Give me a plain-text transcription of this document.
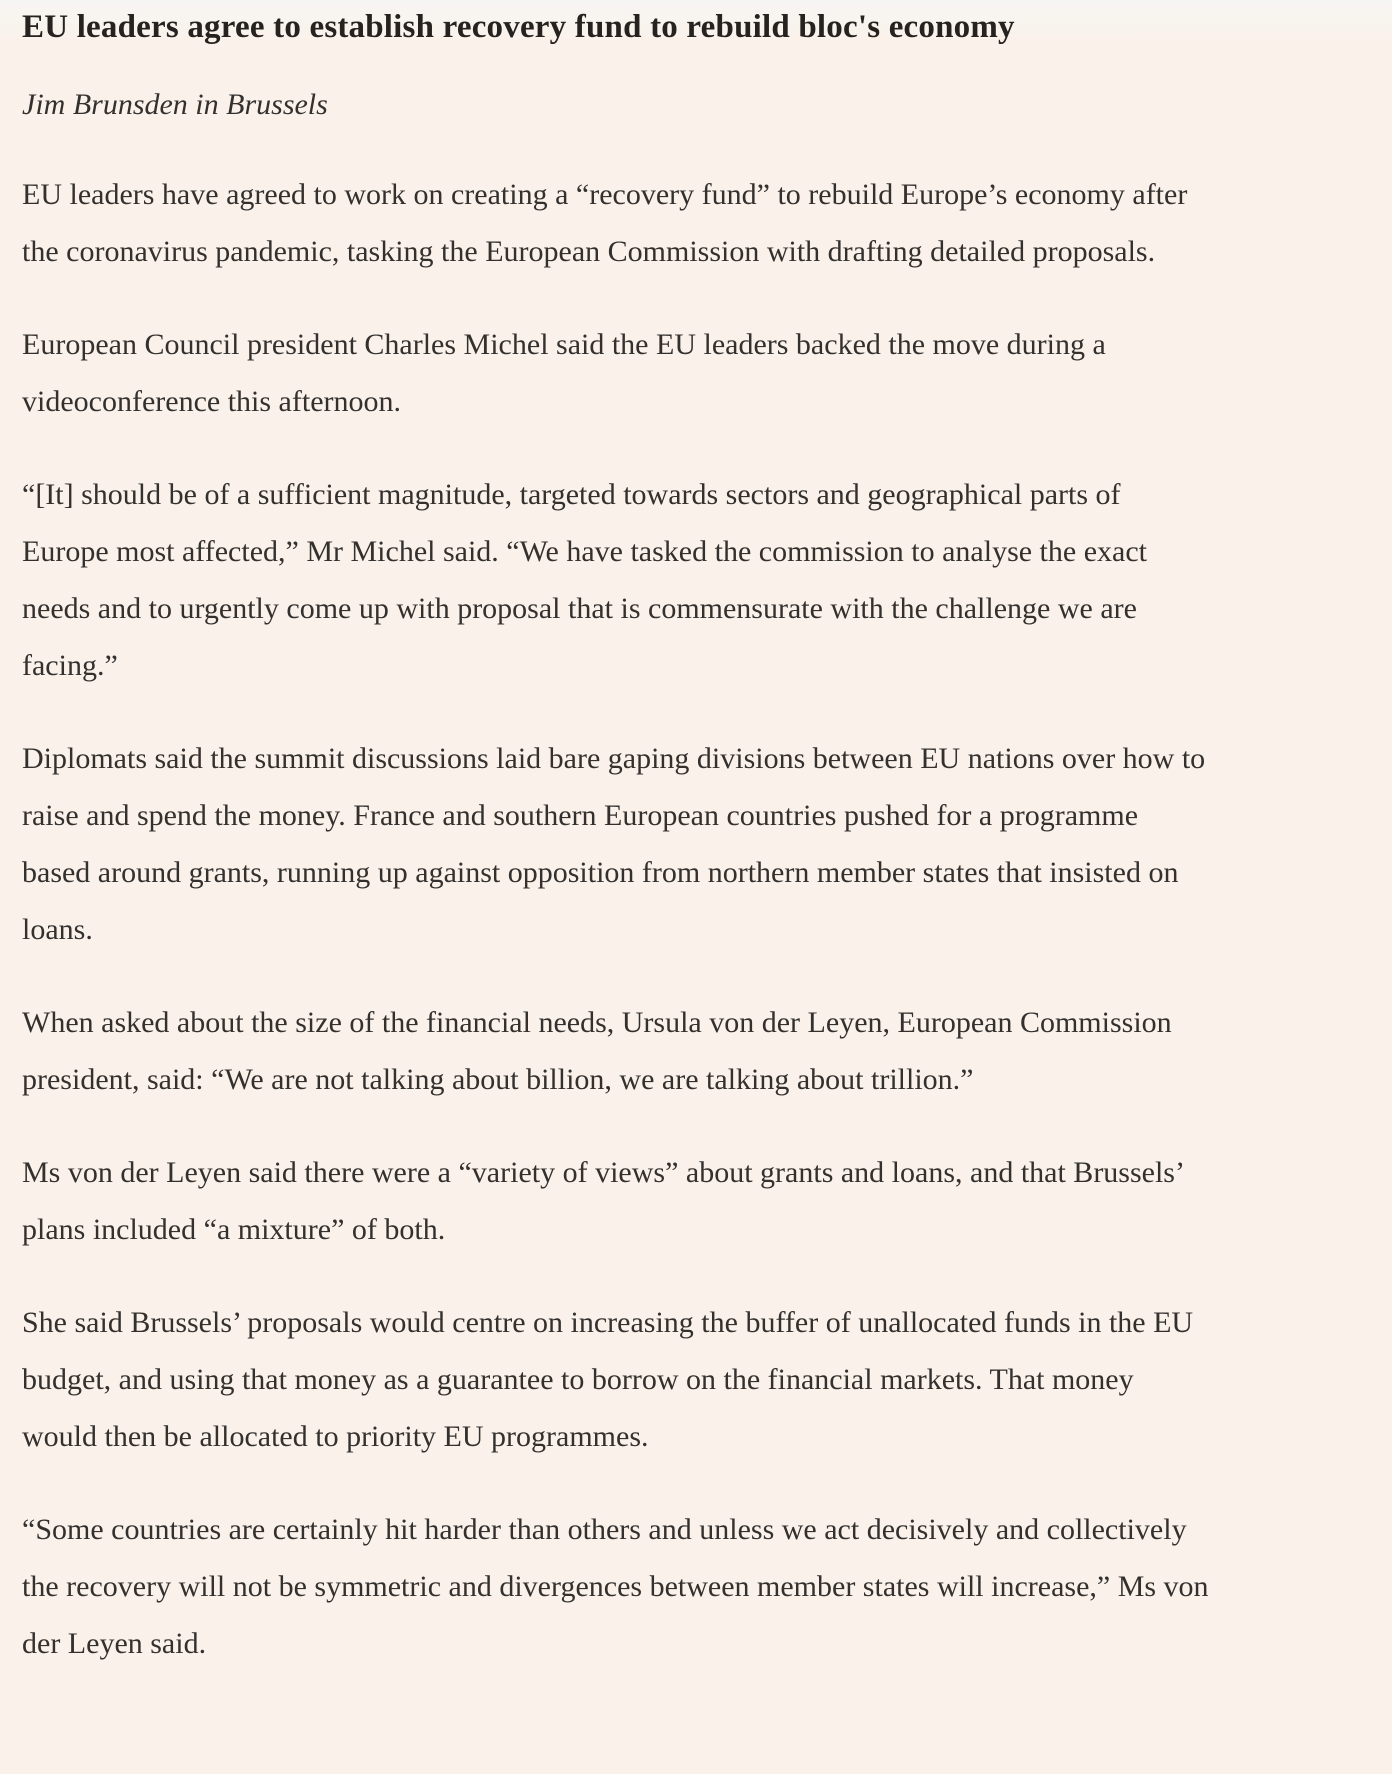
EU leaders agree to establish recovery fund to rebuild bloc's economy

Jim Brunsden in Brussels

EU leaders have agreed to work on creating a “recovery fund” to rebuild Europe’s economy after the coronavirus pandemic, tasking the European Commission with drafting detailed proposals.

European Council president Charles Michel said the EU leaders backed the move during a videoconference this afternoon.

“[It] should be of a sufficient magnitude, targeted towards sectors and geographical parts of Europe most affected,” Mr Michel said. “We have tasked the commission to analyse the exact needs and to urgently come up with proposal that is commensurate with the challenge we are facing.”

Diplomats said the summit discussions laid bare gaping divisions between EU nations over how to raise and spend the money. France and southern European countries pushed for a programme based around grants, running up against opposition from northern member states that insisted on loans.

When asked about the size of the financial needs, Ursula von der Leyen, European Commission president, said: “We are not talking about billion, we are talking about trillion.”

Ms von der Leyen said there were a “variety of views” about grants and loans, and that Brussels’ plans included “a mixture” of both.

She said Brussels’ proposals would centre on increasing the buffer of unallocated funds in the EU budget, and using that money as a guarantee to borrow on the financial markets. That money would then be allocated to priority EU programmes.

“Some countries are certainly hit harder than others and unless we act decisively and collectively the recovery will not be symmetric and divergences between member states will increase,” Ms von der Leyen said.
